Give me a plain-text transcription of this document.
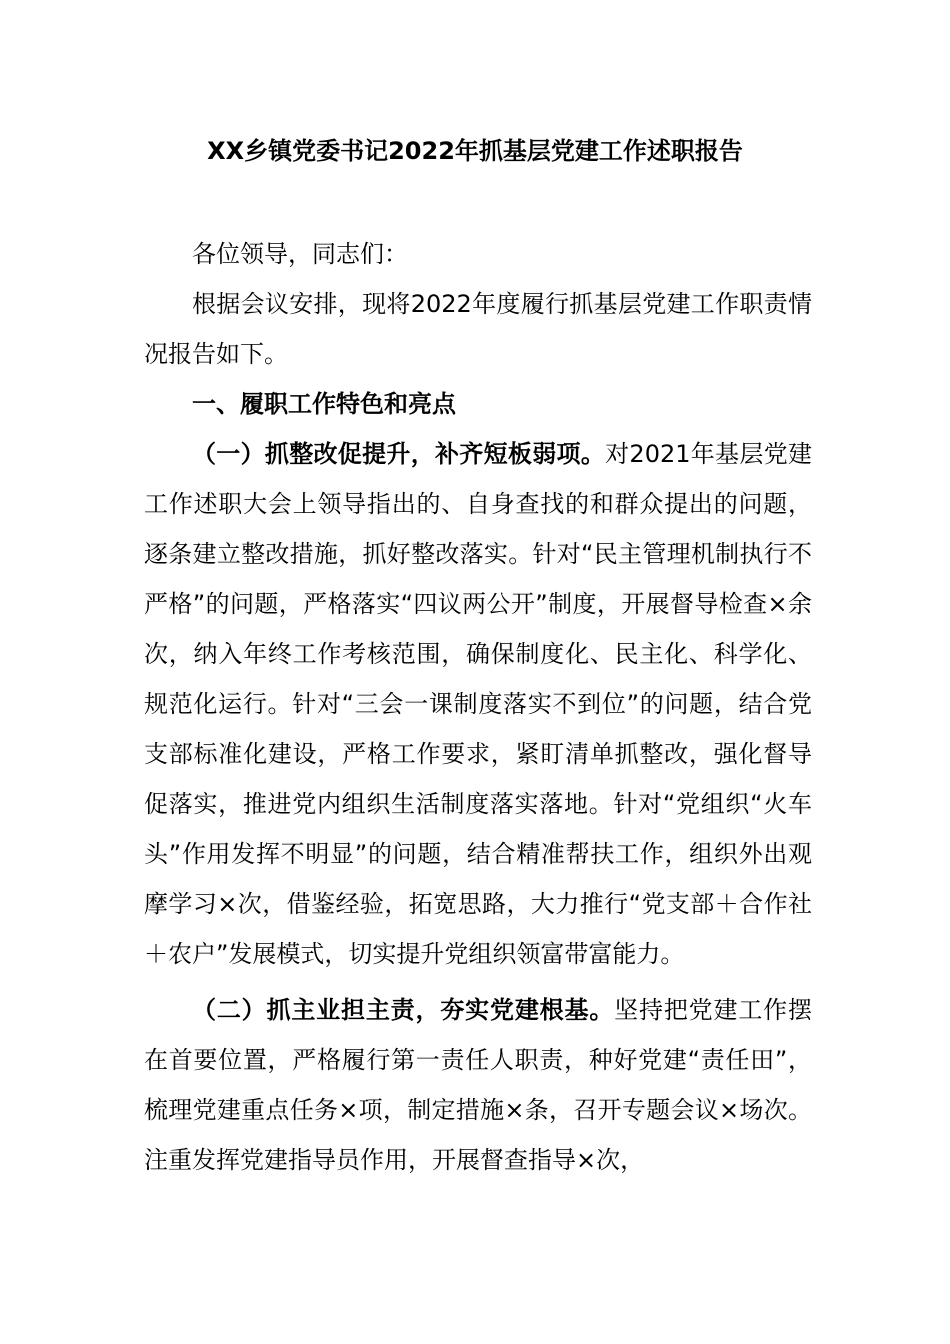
XX乡镇党委书记2022年抓基层党建工作述职报告

各位领导，同志们：

根据会议安排，现将2022年度履行抓基层党建工作职责情况报告如下。

一、履职工作特色和亮点

（一）抓整改促提升，补齐短板弱项。对2021年基层党建工作述职大会上领导指出的、自身查找的和群众提出的问题，逐条建立整改措施，抓好整改落实。针对“民主管理机制执行不严格”的问题，严格落实“四议两公开”制度，开展督导检查×余次，纳入年终工作考核范围，确保制度化、民主化、科学化、规范化运行。针对“三会一课制度落实不到位”的问题，结合党支部标准化建设，严格工作要求，紧盯清单抓整改，强化督导促落实，推进党内组织生活制度落实落地。针对“党组织“火车头”作用发挥不明显”的问题，结合精准帮扶工作，组织外出观摩学习×次，借鉴经验，拓宽思路，大力推行“党支部＋合作社＋农户”发展模式，切实提升党组织领富带富能力。

（二）抓主业担主责，夯实党建根基。坚持把党建工作摆在首要位置，严格履行第一责任人职责，种好党建“责任田”，梳理党建重点任务×项，制定措施×条，召开专题会议×场次。注重发挥党建指导员作用，开展督查指导×次，
